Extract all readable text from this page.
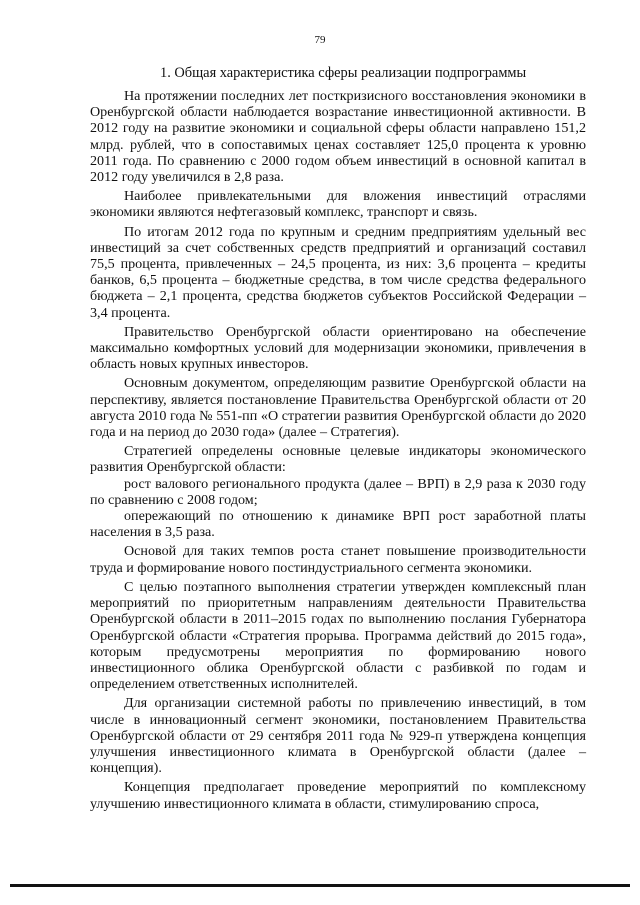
79
1. Общая характеристика сферы реализации подпрограммы

На протяжении последних лет посткризисного восстановления экономики в Оренбургской области наблюдается возрастание инвестиционной активности. В 2012 году на развитие экономики и социальной сферы области направлено 151,2 млрд. рублей, что в сопоставимых ценах составляет 125,0 процента к уровню 2011 года. По сравнению с 2000 годом объем инвестиций в основной капитал в 2012 году увеличился в 2,8 раза.

Наиболее привлекательными для вложения инвестиций отраслями экономики являются нефтегазовый комплекс, транспорт и связь.

По итогам 2012 года по крупным и средним предприятиям удельный вес инвестиций за счет собственных средств предприятий и организаций составил 75,5 процента, привлеченных – 24,5 процента, из них: 3,6 процента – кредиты банков, 6,5 процента – бюджетные средства, в том числе средства федерального бюджета – 2,1 процента, средства бюджетов субъектов Российской Федерации – 3,4 процента.

Правительство Оренбургской области ориентировано на обеспечение максимально комфортных условий для модернизации экономики, привлечения в область новых крупных инвесторов.

Основным документом, определяющим развитие Оренбургской области на перспективу, является постановление Правительства Оренбургской области от 20 августа 2010 года № 551-пп «О стратегии развития Оренбургской области до 2020 года и на период до 2030 года» (далее – Стратегия).

Стратегией определены основные целевые индикаторы экономического развития Оренбургской области:

рост валового регионального продукта (далее – ВРП) в 2,9 раза к 2030 году по сравнению с 2008 годом;

опережающий по отношению к динамике ВРП рост заработной платы населения в 3,5 раза.

Основой для таких темпов роста станет повышение производительности труда и формирование нового постиндустриального сегмента экономики.

С целью поэтапного выполнения стратегии утвержден комплексный план мероприятий по приоритетным направлениям деятельности Правительства Оренбургской области в 2011–2015 годах по выполнению послания Губернатора Оренбургской области «Стратегия прорыва. Программа действий до 2015 года», которым предусмотрены мероприятия по формированию нового инвестиционного облика Оренбургской области с разбивкой по годам и определением ответственных исполнителей.

Для организации системной работы по привлечению инвестиций, в том числе в инновационный сегмент экономики, постановлением Правительства Оренбургской области от 29 сентября 2011 года № 929-п утверждена концепция улучшения инвестиционного климата в Оренбургской области (далее – концепция).

Концепция предполагает проведение мероприятий по комплексному улучшению инвестиционного климата в области, стимулированию спроса,
